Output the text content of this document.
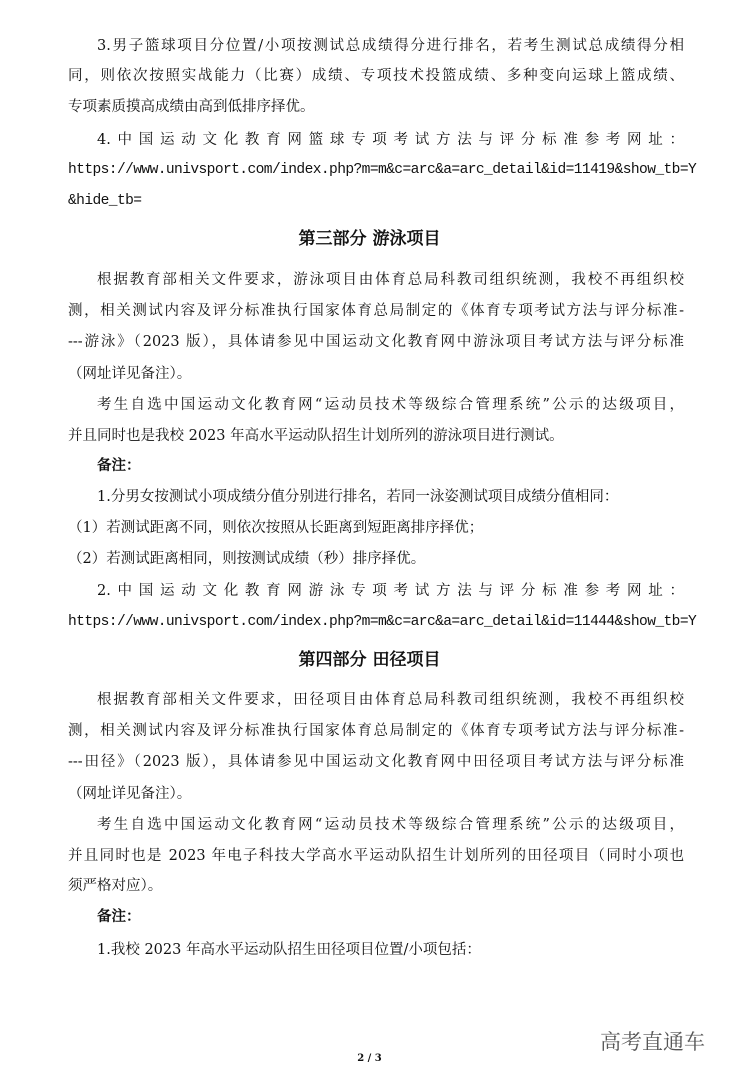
3.男子篮球项目分位置/小项按测试总成绩得分进行排名，若考生测试总成绩得分相
同，则依次按照实战能力（比赛）成绩、专项技术投篮成绩、多种变向运球上篮成绩、
专项素质摸高成绩由高到低排序择优。
4.中国运动文化教育网篮球专项考试方法与评分标准参考网址：
https://www.univsport.com/index.php?m=m&c=arc&a=arc_detail&id=11419&show_tb=Y
&hide_tb=
第三部分 游泳项目
根据教育部相关文件要求，游泳项目由体育总局科教司组织统测，我校不再组织校
测，相关测试内容及评分标准执行国家体育总局制定的《体育专项考试方法与评分标准-
---游泳》（2023 版），具体请参见中国运动文化教育网中游泳项目考试方法与评分标准
（网址详见备注）。
考生自选中国运动文化教育网“运动员技术等级综合管理系统”公示的达级项目，
并且同时也是我校 2023 年高水平运动队招生计划所列的游泳项目进行测试。
备注：
1.分男女按测试小项成绩分值分别进行排名，若同一泳姿测试项目成绩分值相同：
（1）若测试距离不同，则依次按照从长距离到短距离排序择优；
（2）若测试距离相同，则按测试成绩（秒）排序择优。
2.中国运动文化教育网游泳专项考试方法与评分标准参考网址：
https://www.univsport.com/index.php?m=m&c=arc&a=arc_detail&id=11444&show_tb=Y
第四部分 田径项目
根据教育部相关文件要求，田径项目由体育总局科教司组织统测，我校不再组织校
测，相关测试内容及评分标准执行国家体育总局制定的《体育专项考试方法与评分标准-
---田径》（2023 版），具体请参见中国运动文化教育网中田径项目考试方法与评分标准
（网址详见备注）。
考生自选中国运动文化教育网“运动员技术等级综合管理系统”公示的达级项目，
并且同时也是 2023 年电子科技大学高水平运动队招生计划所列的田径项目（同时小项也
须严格对应）。
备注：
1.我校 2023 年高水平运动队招生田径项目位置/小项包括：
2 / 3
高考直通车
